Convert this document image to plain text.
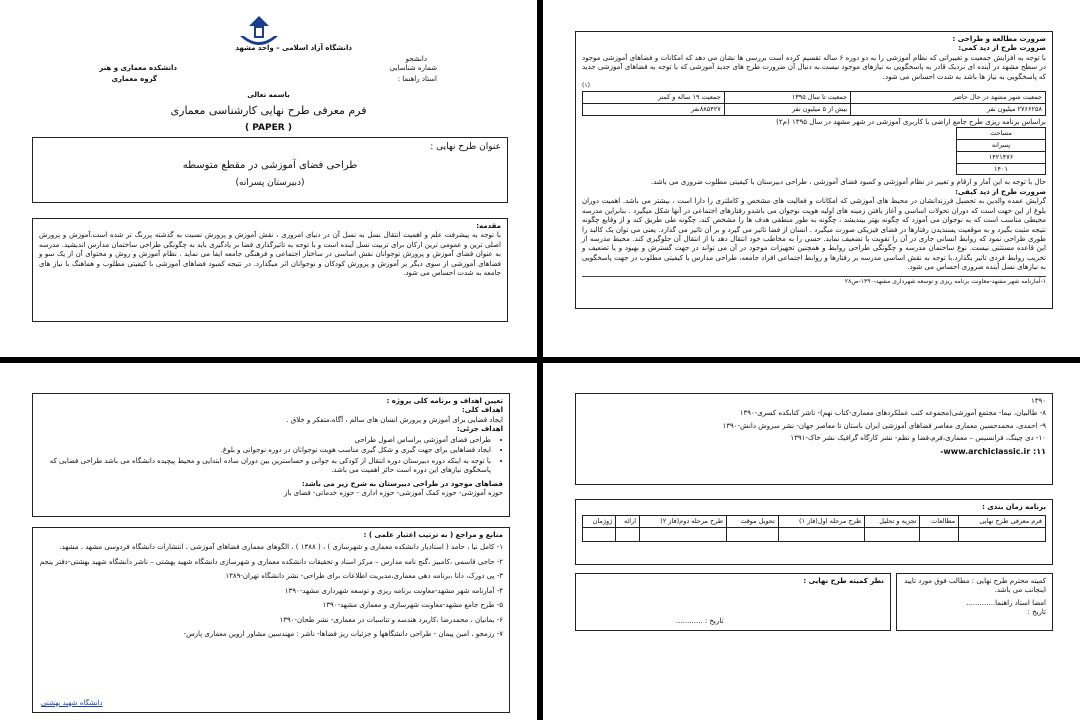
دانشگاه آزاد اسلامی – واحد مشهد
دانشجو
دانشکده معماری و هنر	شماره شناسایی
گروه معماری	استاد راهنما :
باسمه تعالی
فرم معرفی طرح نهایی کارشناسی معماری
( PAPER )
عنوان طرح نهایی :
طراحی فضای آموزشی در مقطع متوسطه
(دبیرستان پسرانه)
مقدمه:

با توجه به پیشرفت علم و اهمیت انتقال نسل به نسل آن در دنیای امروزی ، نقش آموزش و پرورش نسبت به گذشته پررنگ تر شده است.آموزش و پرورش اصلی ترین و عمومی ترین ارکان برای تربیت نسل آینده است و با توجه به تاثیرگذاری فضا بر یادگیری باید به چگونگی طراحی ساختمان مدارس اندیشید. مدرسه به عنوان فضای آموزش و پرورش نوجوانان نقش اساسی در ساختار اجتماعی و فرهنگی جامعه ایفا می نماید . نظام آموزش و روش و محتوای آن از یک سو و فضاهای آموزشی از سوی دیگر بر آموزش و پرورش کودکان و نوجوانان اثر میگذارد. در نتیجه کمبود فضاهای آموزشی با کیفیتی مطلوب و هماهنگ با نیاز های جامعه به شدت احساس می شود.

ضرورت مطالعه و طراحی :
ضرورت طرح از دید کمی:

با توجه به افزایش جمعیت و تغییراتی که نظام آموزشی را به دو دوره ۶ ساله تقسیم کرده است بررسی ها نشان می دهد که امکانات و فضاهای آموزشی موجود در سطح مشهد در آینده ای نزدیک قادر به پاسخگویی به نیازهای موجود نیست.به دنبال آن ضرورت طرح های جدید آموزشی که با توجه به فضاهای آموزشی جدید که پاسخگویی به نیاز ها باشد به شدت احساس می شود.

(۱)
جمعیت شهر مشهد در حال حاضر	جمعیت تا سال ۱۳۹۵	جمعیت ۱۹ ساله و کمتر
۲۷۶۶۲۵۸ میلیون نفر	بیش از ۵ میلیون نفر	۸۸۵۴۲۷نفر
براساس برنامه ریزی طرح جامع اراضی با کاربری آموزشی در شهر مشهد در سال ۱۳۹۵ (م۲)
مساحت
پسرانه
۱۴۲۱۴۷۶
۱۴۰۱

حال با توجه به این آمار و ارقام و تغییر در نظام آموزشی و کمبود فضای آموزشی ، طراحی دبیرستان با کیفیتی مطلوب ضروری می باشد.

ضرورت طرح از دید کیفی:

گرایش عمده والدین به تحصیل فرزندانشان در محیط های آموزشی که امکانات و فعالیت های مشخص و کاملتری را دارا است ، بیشتر می باشد. اهمیت دوران بلوغ از این جهت است که دوران تحولات اساسی و آغاز یافتن زمینه های اولیه هویت نوجوان می باشدو رفتارهای اجتماعی در آنها شکل میگیرد . بنابراین مدرسه محیطی مناسب است که به نوجوان می آموزد که چگونه بهتر بیندیشد ، چگونه به طور منطقی هدف ها را مشخص کند، چگونه طی طریق کند و از وقایع چگونه نتیجه مثبت بگیرد و به موقعیت پسندیدن رفتارها در فضای فیزیکی صورت میگیرد . انسان از فضا تاثیر می گیرد و بر آن تاثیر می گذارد. یعنی می توان یک کالبد را طوری طراحی نمود که روابط انسانی جاری در آن را تقویت یا تضعیف نماید. حسی را به مخاطب خود انتقال دهد یا از انتقال آن جلوگیری کند. محیط مدرسه از این قاعده مستثنی نیست. نوع ساختمان مدرسه و چگونگی طراحی روابط و همچنین تجهیزات موجود در آن می تواند در جهت گسترش و بهبود و یا تضعیف و تخریب روابط فردی تاثیر بگذارد.با توجه به نقش اساسی مدرسه بر رفتارها و روابط اجتماعی افراد جامعه، طراحی مدارس با کیفیتی مطلوب در جهت پاسخگویی به نیازهای نسل آینده ضروری احساس می شود.

۱-آمارنامه شهر مشهد-معاونت برنامه ریزی و توسعه شهرداری مشهد-۱۳۹۰-ص۲۸
تعیین اهداف و برنامه کلی پروژه :
اهداف کلی:
ایجاد فضایی برای آموزش و پرورش انسان های سالم ، آگاه،متفکر و خلاق .
اهداف جزئی:
• طراحی فضای آموزشی براساس اصول طراحی
• ایجاد فضاهایی برای جهت گیری و شکل گیری مناسب هویت نوجوانان در دوره نوجوانی و بلوغ.
• با توجه به اینکه دوره دبیرستان دوره انتقال از کودکی به جوانی و حساسترین بین دوران ساده ابتدایی و محیط پیچیده دانشگاه می باشد طراحی فضایی که پاسخگوی نیازهای این دوره است حائز اهمیت می باشد.
فضاهای موجود در طراحی دبیرستان به شرح زیر می باشد:
حوزه آموزشی- حوزه کمک آموزشی- حوزه اداری - حوزه خدماتی- فضای باز
منابع و مراجع ( به ترتیب اعتبار علمی ) :
۱- کامل نیا ، حامد ( استادیار دانشکده معماری و شهرسازی ) ، ( ۱۳۸۸ ) ، الگوهای معماری فضاهای آموزشی ، انتشارات دانشگاه فردوسی مشهد ، مشهد.
۲- حاجی قاسمی ،کامبیز ،گنج نامه مدارس – مرکز اسناد و تحقیقات دانشکده معماری و شهرسازی دانشگاه شهید بهشتی – ناشر دانشگاه شهید بهشتی-دفتر پنجم
۳- پی دورک، دانا ،برنامه دهی معماری،مدیریت اطلاعات برای طراحی- نشر دانشگاه تهران-۱۳۸۹
۴- آمارنامه شهر مشهد-معاونت برنامه ریزی و توسعه شهرداری مشهد-۱۳۹۰
۵- طرح جامع مشهد-معاونت شهرسازی و معماری مشهد-۱۳۹۰
۶- بمانیان ، محمدرضا ،کاربرد هندسه و تناسبات در معماری- نشر طحان-۱۳۹۰
۷- رزمجو ، امین پیمان - طراحی دانشگاهها و جزئیات ریز فضاها- ناشر : مهندسین مشاور اروین معماری پارس-
دانشگاه شهید بهشتی
۱۳۹۰
۸- طالبیان، نیما- مجتمع آموزشی(مجموعه کتب عملکردهای معماری-کتاب نهم)- ناشر کتابکده کسری-۱۳۹۰
۹- احمدی، محمدحسین معماری معاصر فضاهای آموزشی ایران باستان تا معاصر جهان- نشر سروش دانش-۱۳۹۰
۱۰- دی چینگ، فرانسیس – معماری،فرم،فضا و نظم- نشر کارگاه گرافیک نشر خاک-۱۳۹۱
www.archiclassic.ir :۱۱-
برنامه زمان بندی :
فرم معرفی طرح نهایی	مطالعات	تجزیه و تحلیل	طرح مرحله اول(فاز ۱)	تحویل موقت	طرح مرحله دوم(فاز ۲)	ارائه	ژوژمان

کمیته محترم طرح نهایی : مطالب فوق مورد تایید اینجانب می باشد.
امضا استاد راهنما.............
تاریخ :
نظر کمیته طرح نهایی :
تاریخ : ............
